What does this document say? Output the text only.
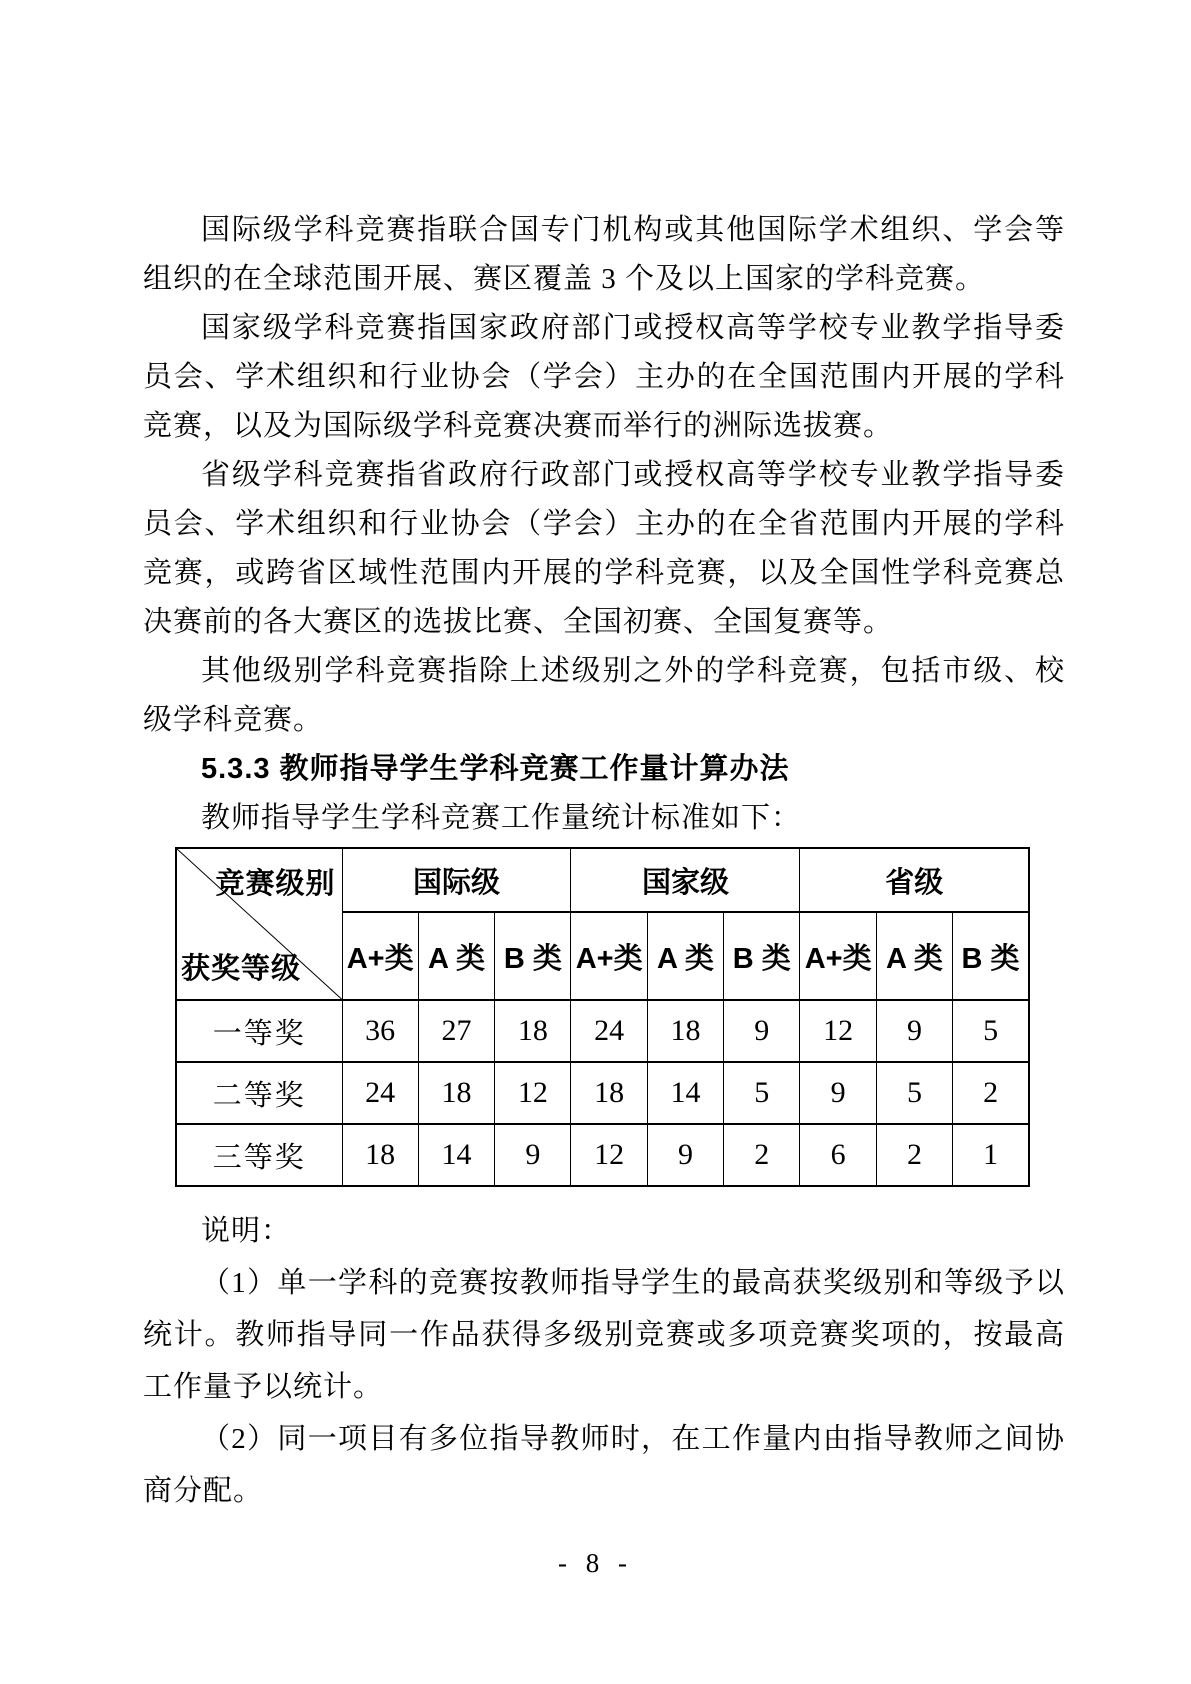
国际级学科竞赛指联合国专门机构或其他国际学术组织、学会等组织的在全球范围开展、赛区覆盖 3 个及以上国家的学科竞赛。

国家级学科竞赛指国家政府部门或授权高等学校专业教学指导委员会、学术组织和行业协会（学会）主办的在全国范围内开展的学科竞赛，以及为国际级学科竞赛决赛而举行的洲际选拔赛。

省级学科竞赛指省政府行政部门或授权高等学校专业教学指导委员会、学术组织和行业协会（学会）主办的在全省范围内开展的学科竞赛，或跨省区域性范围内开展的学科竞赛，以及全国性学科竞赛总决赛前的各大赛区的选拔比赛、全国初赛、全国复赛等。

其他级别学科竞赛指除上述级别之外的学科竞赛，包括市级、校级学科竞赛。

5.3.3 教师指导学生学科竞赛工作量计算办法

教师指导学生学科竞赛工作量统计标准如下：

竞赛级别
获奖等级	国际级			国家级			省级		
	A+类	A 类	B 类	A+类	A 类	B 类	A+类	A 类	B 类
一等奖	36	27	18	24	18	9	12	9	5
二等奖	24	18	12	18	14	5	9	5	2
三等奖	18	14	9	12	9	2	6	2	1

说明：

（1）单一学科的竞赛按教师指导学生的最高获奖级别和等级予以统计。教师指导同一作品获得多级别竞赛或多项竞赛奖项的，按最高工作量予以统计。

（2）同一项目有多位指导教师时，在工作量内由指导教师之间协商分配。

- 8 -
